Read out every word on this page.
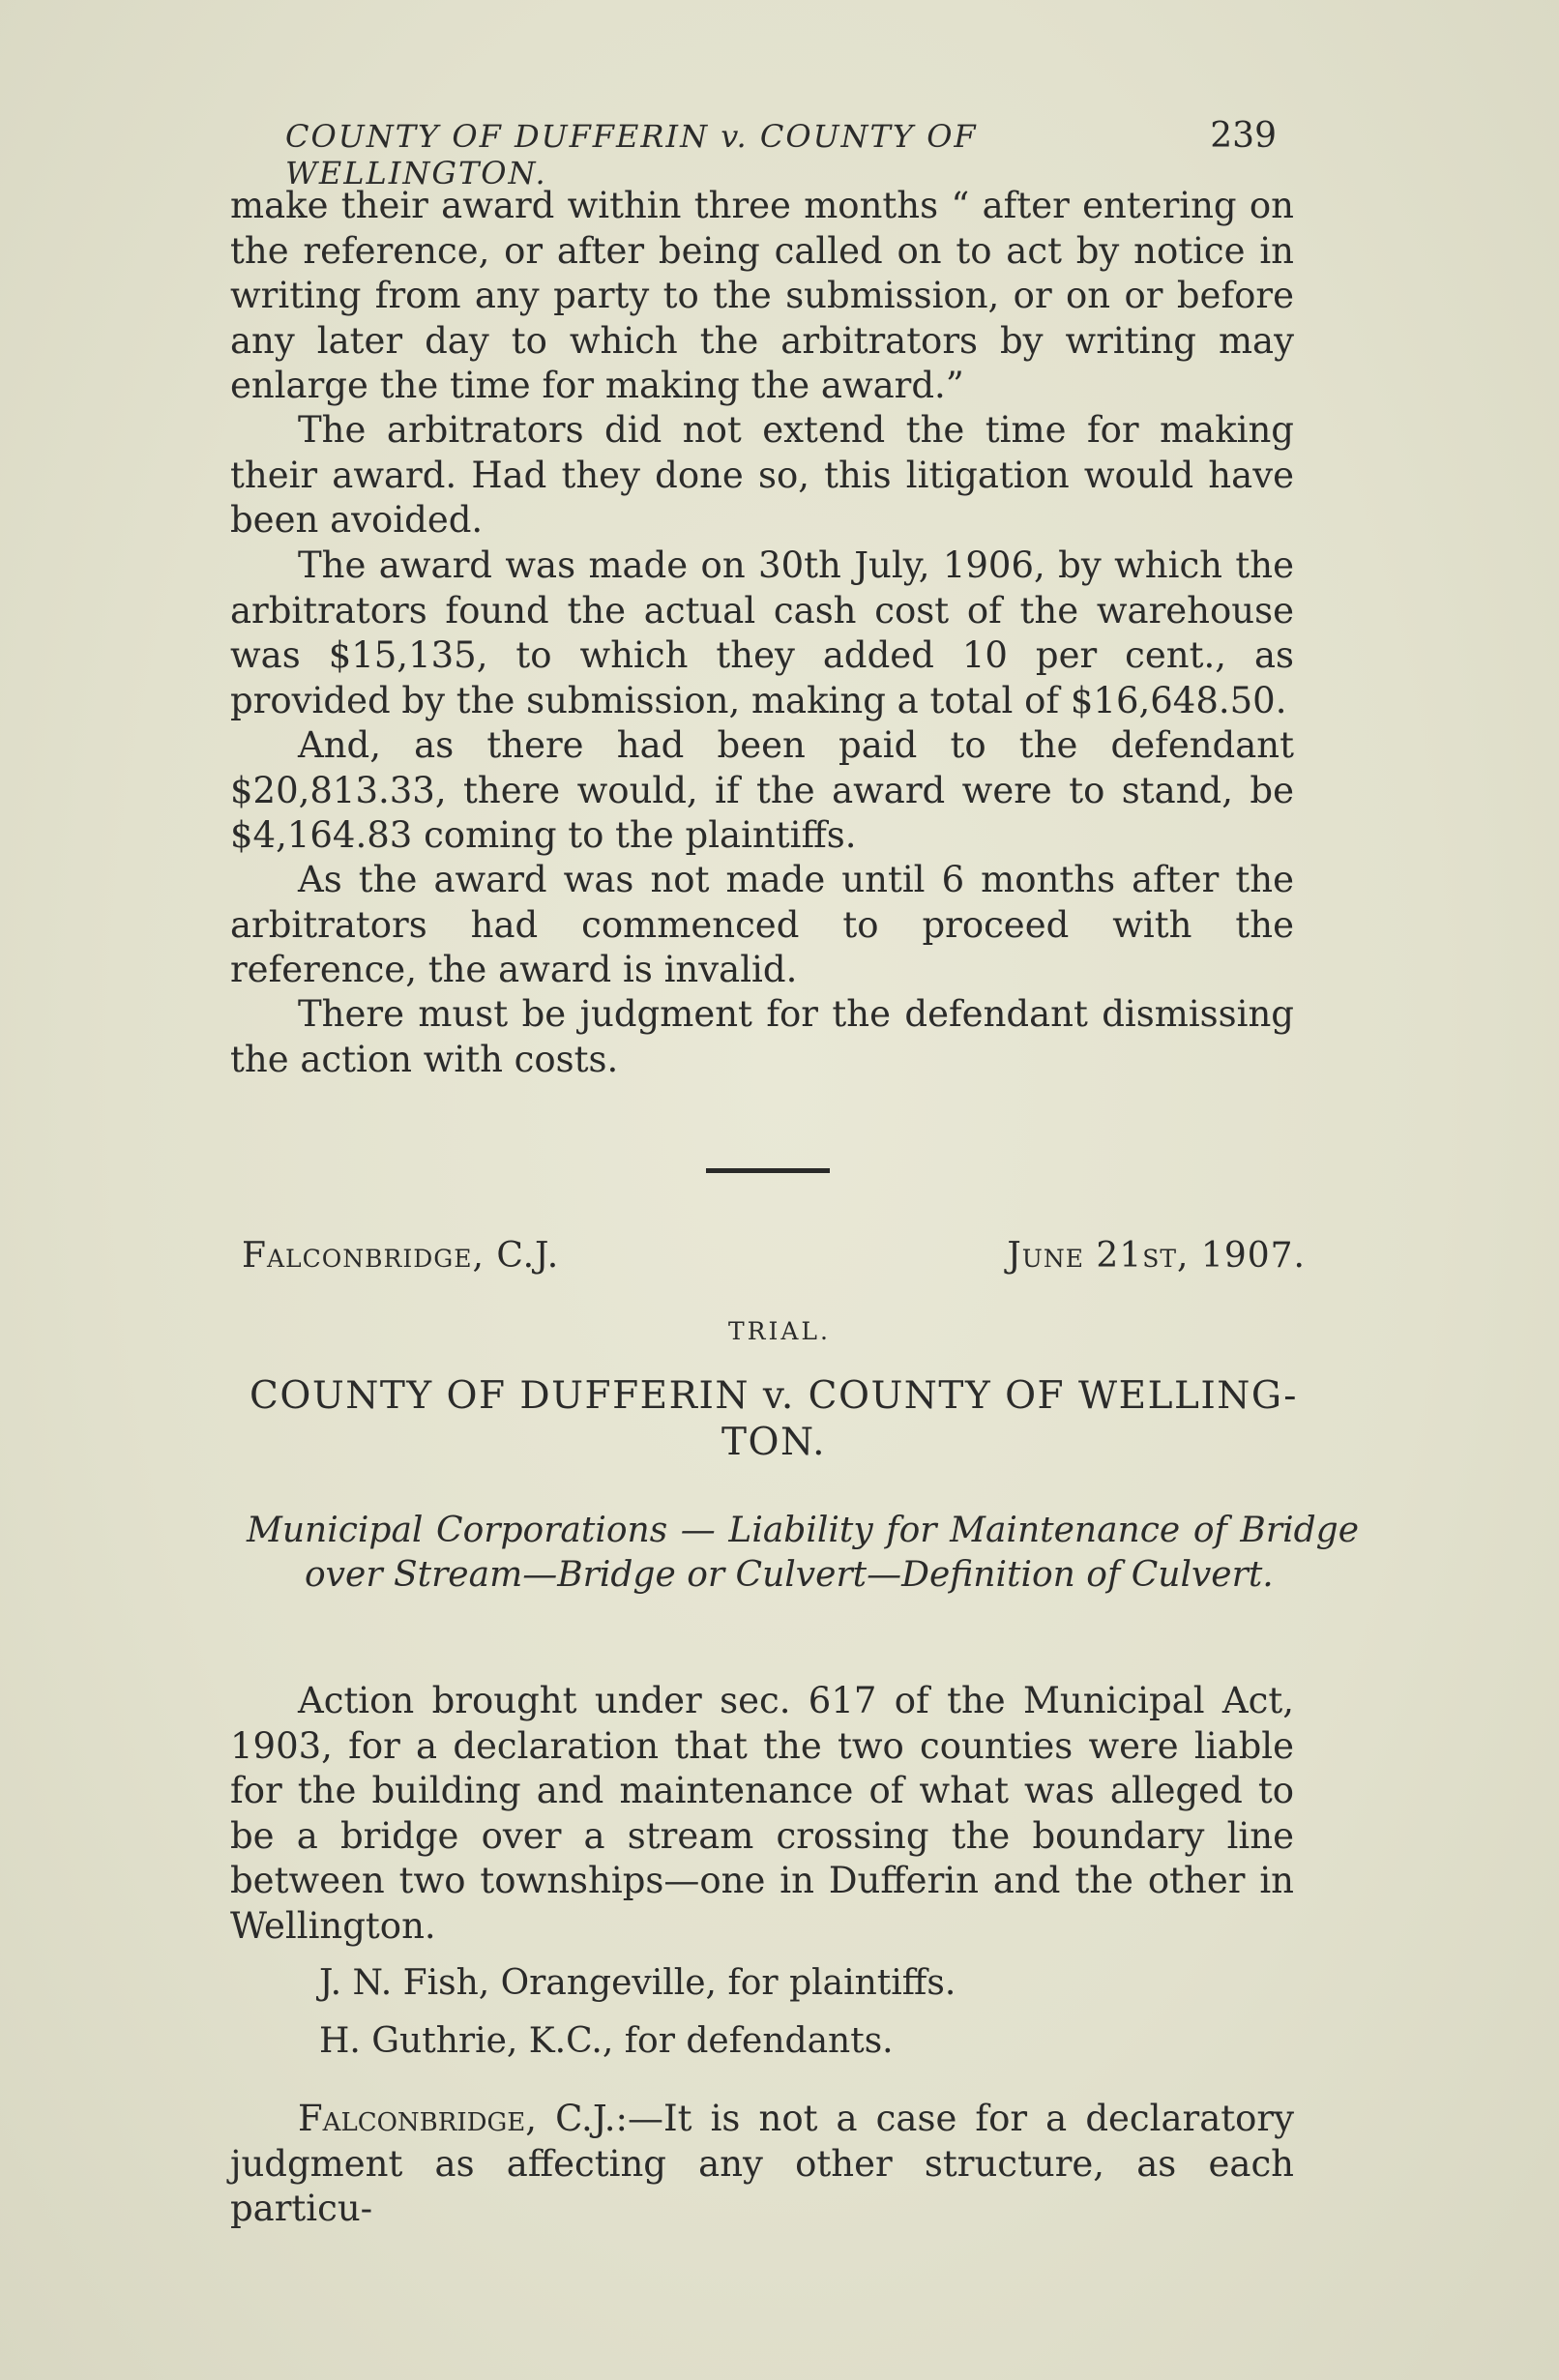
COUNTY OF DUFFERIN v. COUNTY OF WELLINGTON.
239

make their award within three months “ after entering on the reference, or after being called on to act by notice in writing from any party to the submission, or on or before any later day to which the arbitrators by writing may enlarge the time for making the award.”

The arbitrators did not extend the time for making their award. Had they done so, this litigation would have been avoided.

The award was made on 30th July, 1906, by which the arbitrators found the actual cash cost of the warehouse was $15,135, to which they added 10 per cent., as provided by the submission, making a total of $16,648.50.

And, as there had been paid to the defendant $20,813.33, there would, if the award were to stand, be $4,164.83 coming to the plaintiffs.

As the award was not made until 6 months after the arbitrators had commenced to proceed with the reference, the award is invalid.

There must be judgment for the defendant dismissing the action with costs.

Falconbridge, C.J.	June 21st, 1907.
TRIAL.
COUNTY OF DUFFERIN v. COUNTY OF WELLING-
TON.

Municipal Corporations — Liability for Maintenance of Bridge over Stream—Bridge or Culvert—Definition of Culvert.

Action brought under sec. 617 of the Municipal Act, 1903, for a declaration that the two counties were liable for the building and maintenance of what was alleged to be a bridge over a stream crossing the boundary line between two townships—one in Dufferin and the other in Wellington.

J. N. Fish, Orangeville, for plaintiffs.
H. Guthrie, K.C., for defendants.

Falconbridge, C.J.:—It is not a case for a declaratory judgment as affecting any other structure, as each particu-
